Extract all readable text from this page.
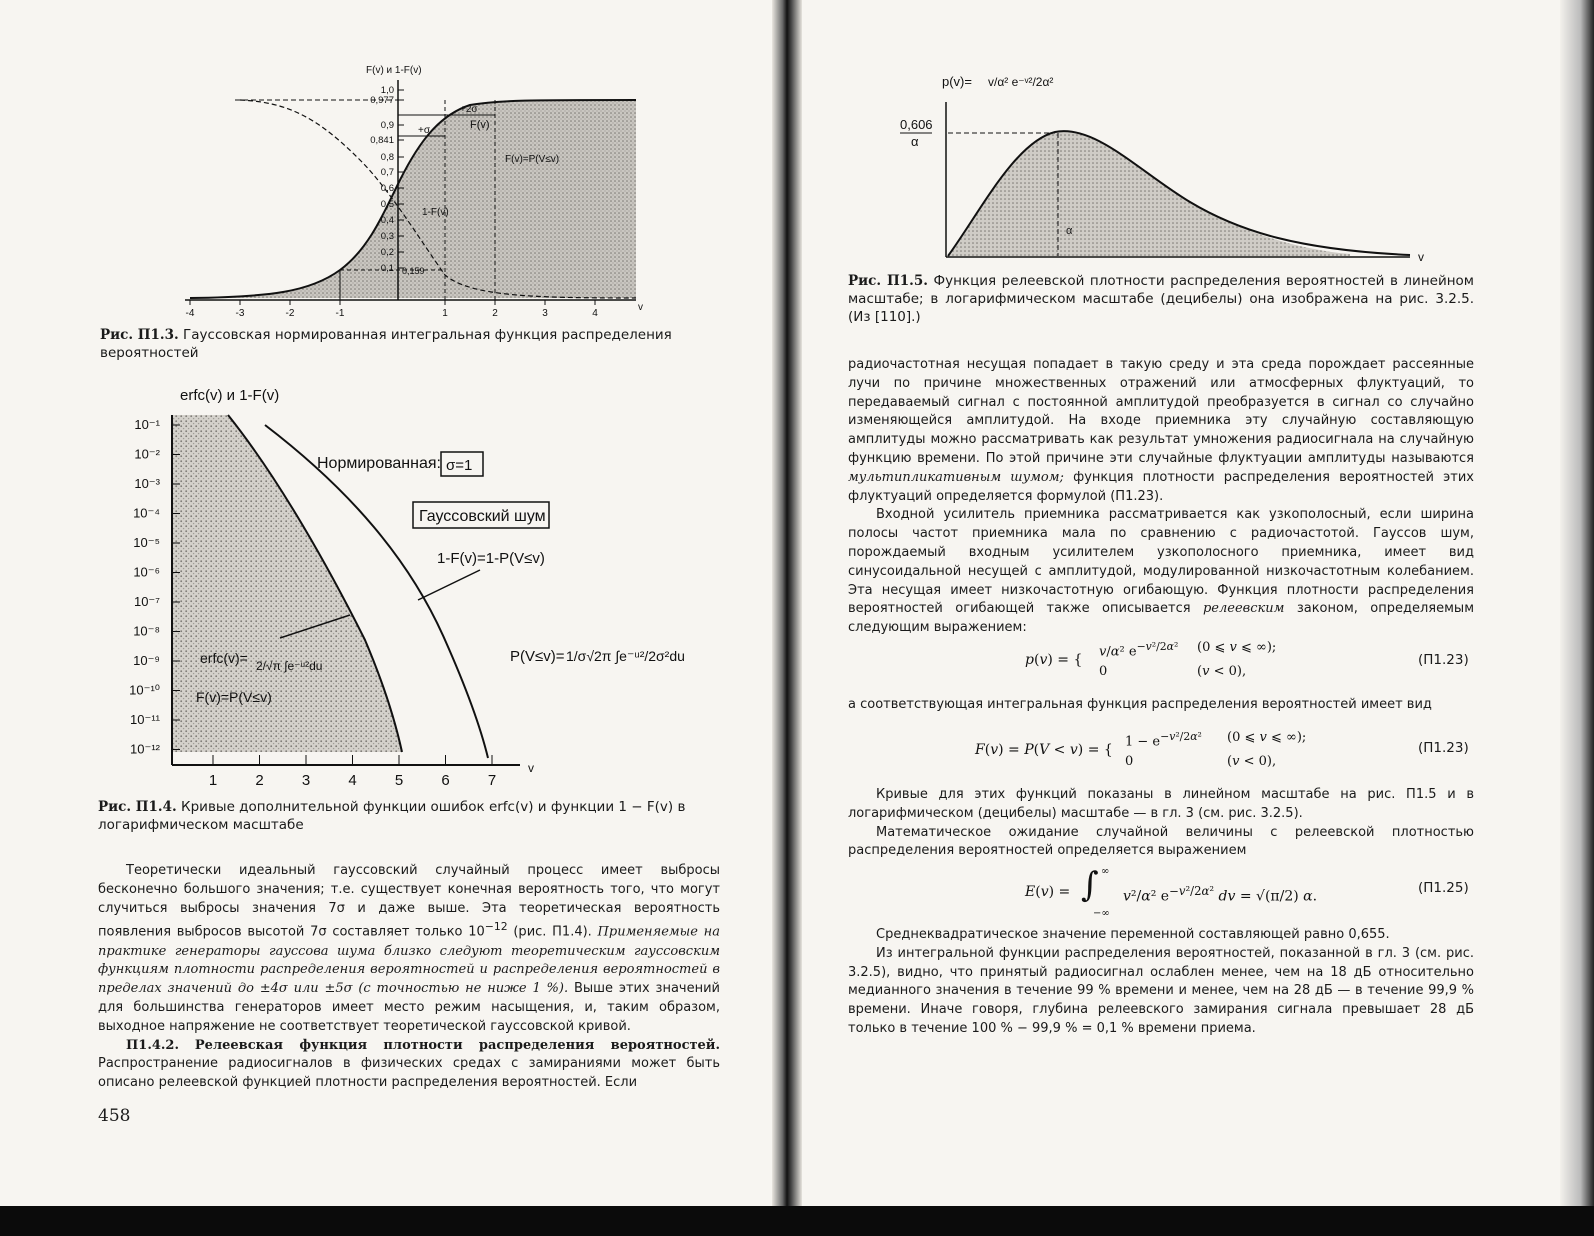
+2σ
+σ	F(v)
F(v)=P(V≤v)
1-F(v)
0,159
1,0
0,977
0,9
0,841
0,8
0,7
0,6
0,5
0,4
0,3
0,2
0,1
-4	-3	-2	-1	1	2	3	4
F(v) и 1-F(v)
v
Рис. П1.3. Гауссовская нормированная интегральная функция распределения вероятностей
erfc(v) и 1-F(v)
10⁻¹
10⁻²
10⁻³
10⁻⁴
10⁻⁵
10⁻⁶
10⁻⁷
10⁻⁸
10⁻⁹
10⁻¹⁰
10⁻¹¹
10⁻¹²
1	2	3	4	5	6	7
v
Нормированная: σ=1
Гауссовский шум
1-F(v)=1-P(V≤v)
erfc(v)= 2/√π ∫e⁻ᵘ²du
F(v)=P(V≤v)
P(V≤v)= 1/σ√2π ∫e⁻ᵘ²/2σ²du
Рис. П1.4. Кривые дополнительной функции ошибок erfc(v) и функции 1 − F(v) в логарифмическом масштабе

Теоретически идеальный гауссовский случайный процесс имеет выбросы бесконечно большого значения; т.е. существует конечная вероятность того, что могут случиться выбросы значения 7σ и даже выше. Эта теоретическая вероятность появления выбросов высотой 7σ составляет только $10^{-12}$ (рис. П1.4). Применяемые на практике генераторы гауссова шума близко следуют теоретическим гауссовским функциям плотности распределения вероятностей и распределения вероятностей в пределах значений до ±4σ или ±5σ (с точностью не ниже 1 %). Выше этих значений для большинства генераторов имеет место режим насыщения, и, таким образом, выходное напряжение не соответствует теоретической гауссовской кривой.

П1.4.2. Релеевская функция плотности распределения вероятностей. Распространение радиосигналов в физических средах с замираниями может быть описано релеевской функцией плотности распределения вероятностей. Если

458
p(v)= v/α² e⁻ᵛ²/2α²
0,606
α
α
v
Рис. П1.5. Функция релеевской плотности распределения вероятностей в линейном масштабе; в логарифмическом масштабе (децибелы) она изображена на рис. 3.2.5. (Из [110].)

радиочастотная несущая попадает в такую среду и эта среда порождает рассеянные лучи по причине множественных отражений или атмосферных флуктуаций, то передаваемый сигнал с постоянной амплитудой преобразуется в сигнал со случайно изменяющейся амплитудой. На входе приемника эту случайную составляющую амплитуды можно рассматривать как результат умножения радиосигнала на случайную функцию времени. По этой причине эти случайные флуктуации амплитуды называются мультипликативным шумом; функция плотности распределения вероятностей этих флуктуаций определяется формулой (П1.23).

Входной усилитель приемника рассматривается как узкополосный, если ширина полосы частот приемника мала по сравнению с радиочастотой. Гауссов шум, порождаемый входным усилителем узкополосного приемника, имеет вид синусоидальной несущей с амплитудой, модулированной низкочастотным колебанием. Эта несущая имеет низкочастотную огибающую. Функция плотности распределения вероятностей огибающей также описывается релеевским законом, определяемым следующим выражением:

p(v) = {
v/α² $e^{-v^2/2\alpha^2}$ (0 ⩽ v ⩽ ∞);
0	(v < 0),
(П1.23)

а соответствующая интегральная функция распределения вероятностей имеет вид

F(v) = P(V < v) = {
$1 - e^{-v^2/2\alpha^2}$ (0 ⩽ v ⩽ ∞);
0	(v < 0),
(П1.23)

Кривые для этих функций показаны в линейном масштабе на рис. П1.5 и в логарифмическом (децибелы) масштабе — в гл. 3 (см. рис. 3.2.5).

Математическое ожидание случайной величины с релеевской плотностью распределения вероятностей определяется выражением

E(v) = ∫ ∞
−∞
v²/α² $e^{-v^2/2\alpha^2}$ dv = √(π/2) α.
(П1.25)

Среднеквадратическое значение переменной составляющей равно 0,655.

Из интегральной функции распределения вероятностей, показанной в гл. 3 (см. рис. 3.2.5), видно, что принятый радиосигнал ослаблен менее, чем на 18 дБ относительно медианного значения в течение 99 % времени и менее, чем на 28 дБ — в течение 99,9 % времени. Иначе говоря, глубина релеевского замирания сигнала превышает 28 дБ только в течение 100 % − 99,9 % = 0,1 % времени приема.
